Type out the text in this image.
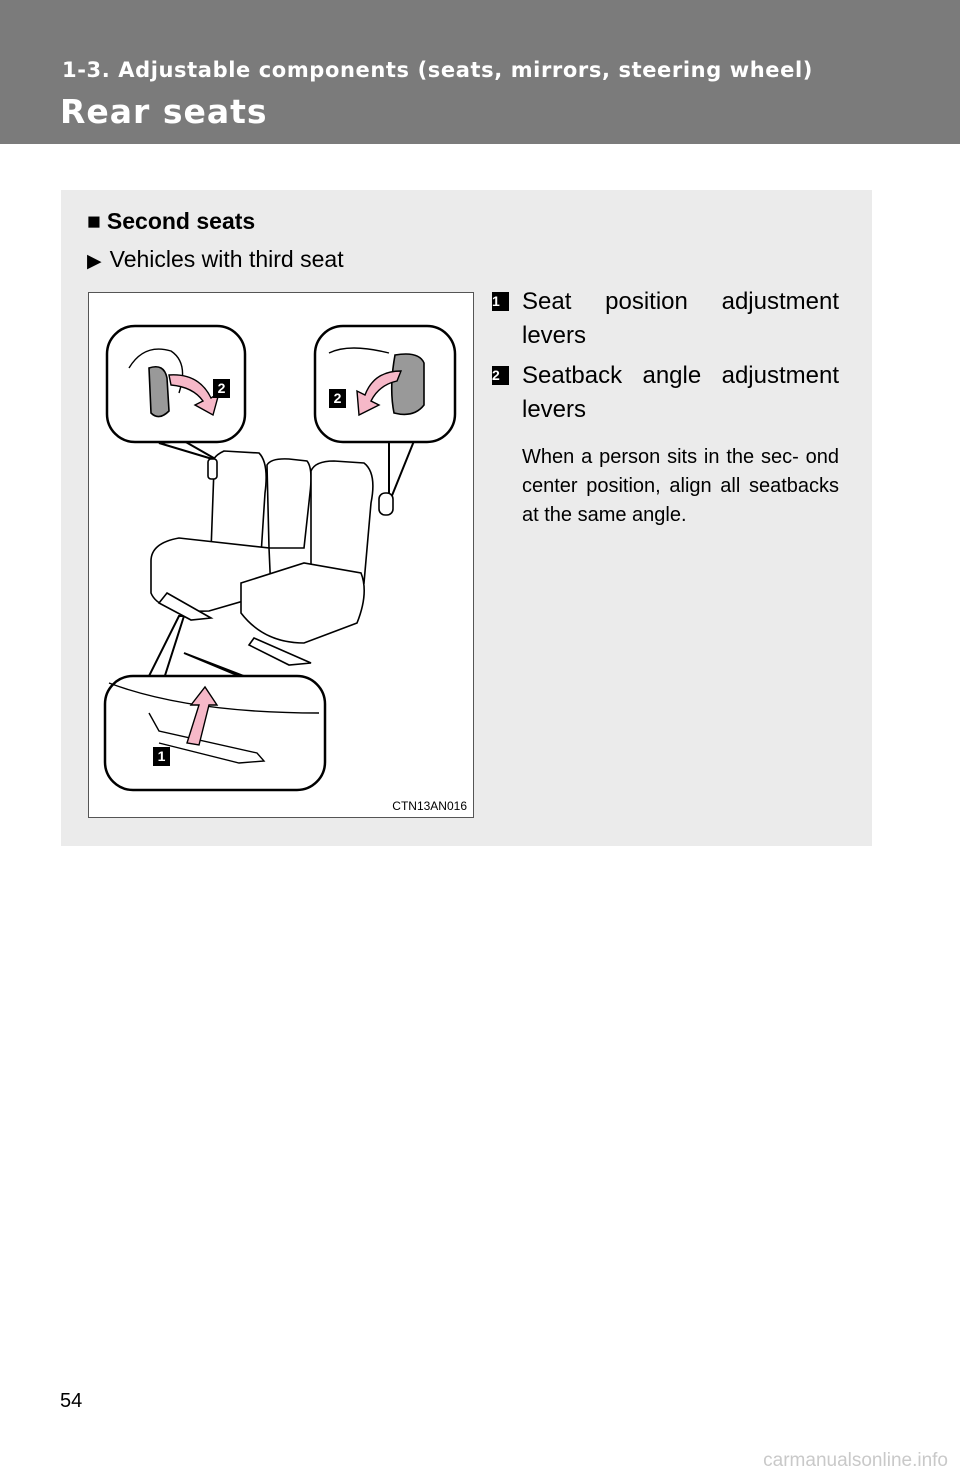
1-3. Adjustable components (seats, mirrors, steering wheel)
Rear seats
■ Second seats
▶ Vehicles with third seat
2
2
1
CTN13AN016
1 Seat position adjustment levers
2 Seatback angle adjustment levers
When a person sits in the sec- ond center position, align all seatbacks at the same angle.
54
carmanualsonline.info
